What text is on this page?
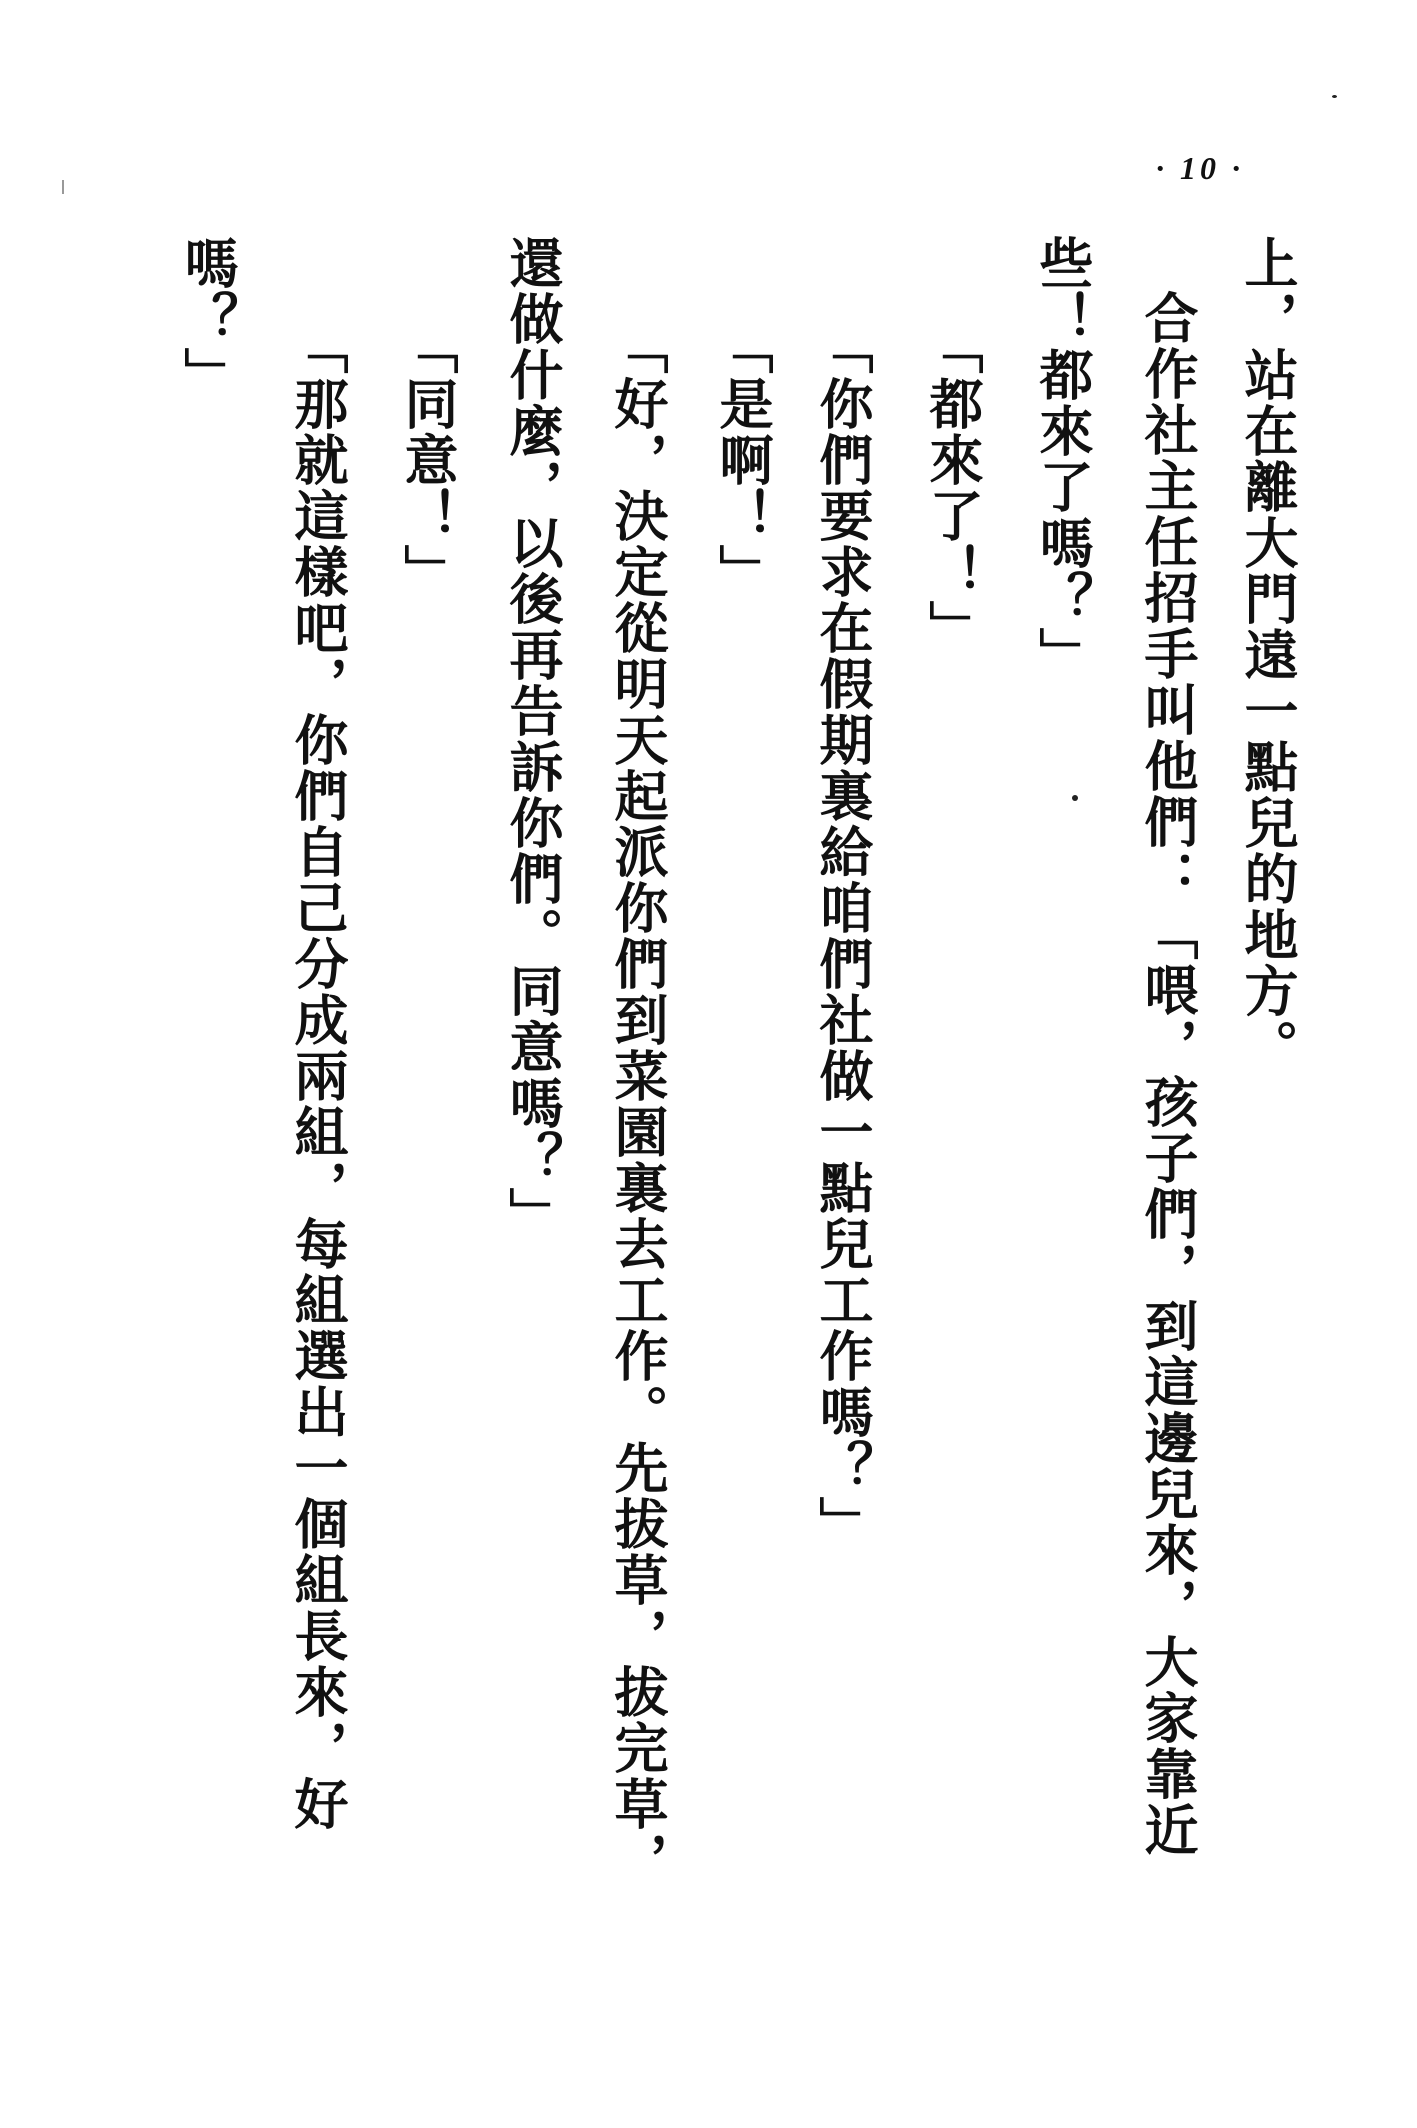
· 10 ·
上，站在離大門遠一點兒的地方。
合作社主任招手叫他們：「喂，孩子們，到這邊兒來，大家靠近
些！都來了嗎？」
「都來了！」
「你們要求在假期裏給咱們社做一點兒工作嗎？」
「是啊！」
「好，決定從明天起派你們到菜園裏去工作。先拔草，拔完草，
還做什麼，以後再告訴你們。同意嗎？」
「同意！」
「那就這樣吧，你們自己分成兩組，每組選出一個組長來，好
嗎？」
